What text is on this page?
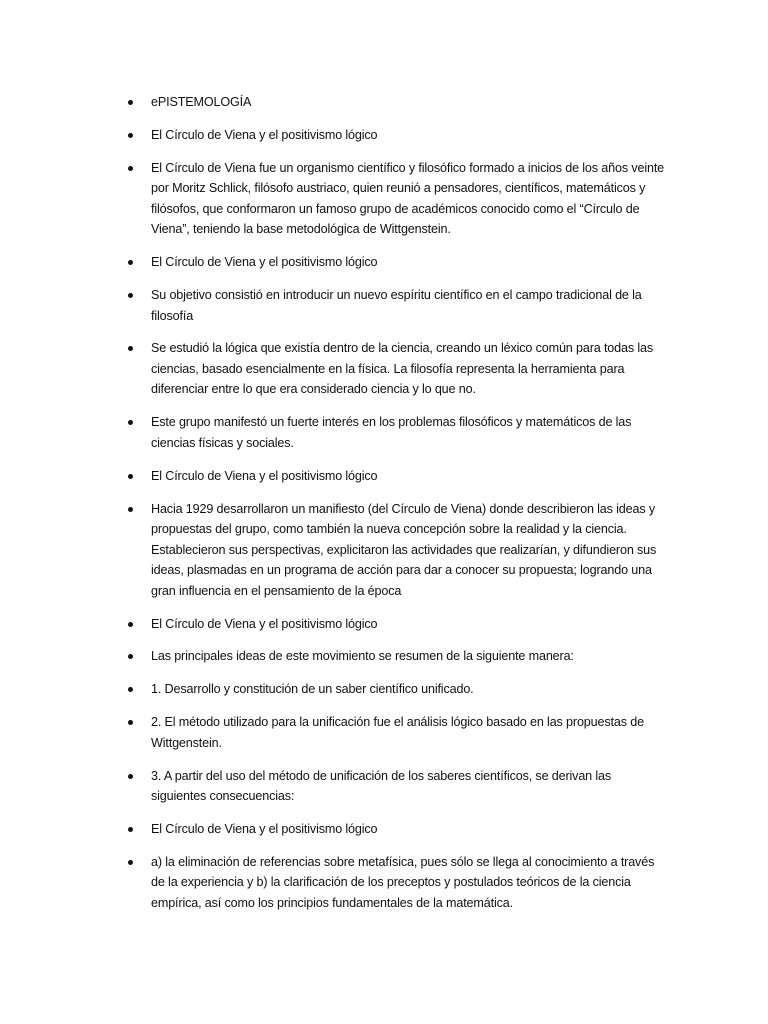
ePISTEMOLOGÍA
El Círculo de Viena y el positivismo lógico
El Círculo de Viena fue un organismo científico y filosófico formado a inicios de los años veinte por Moritz Schlick, filósofo austriaco, quien reunió a pensadores, científicos, matemáticos y filósofos, que conformaron un famoso grupo de académicos conocido como el “Círculo de Viena”, teniendo la base metodológica de Wittgenstein.
El Círculo de Viena y el positivismo lógico
Su objetivo consistió en introducir un nuevo espíritu científico en el campo tradicional de la filosofía
Se estudió la lógica que existía dentro de la ciencia, creando un léxico común para todas las ciencias, basado esencialmente en la física. La filosofía representa la herramienta para diferenciar entre lo que era considerado ciencia y lo que no.
Este grupo manifestó un fuerte interés en los problemas filosóficos y matemáticos de las ciencias físicas y sociales.
El Círculo de Viena y el positivismo lógico
Hacia 1929 desarrollaron un manifiesto (del Círculo de Viena) donde describieron las ideas y propuestas del grupo, como también la nueva concepción sobre la realidad y la ciencia. Establecieron sus perspectivas, explicitaron las actividades que realizarían, y difundieron sus ideas, plasmadas en un programa de acción para dar a conocer su propuesta; logrando una gran influencia en el pensamiento de la época
El Círculo de Viena y el positivismo lógico
Las principales ideas de este movimiento se resumen de la siguiente manera:
1. Desarrollo y constitución de un saber científico unificado.
2. El método utilizado para la unificación fue el análisis lógico basado en las propuestas de Wittgenstein.
3. A partir del uso del método de unificación de los saberes científicos, se derivan las siguientes consecuencias:
El Círculo de Viena y el positivismo lógico
a) la eliminación de referencias sobre metafísica, pues sólo se llega al conocimiento a través de la experiencia y b) la clarificación de los preceptos y postulados teóricos de la ciencia empírica, así como los principios fundamentales de la matemática.
